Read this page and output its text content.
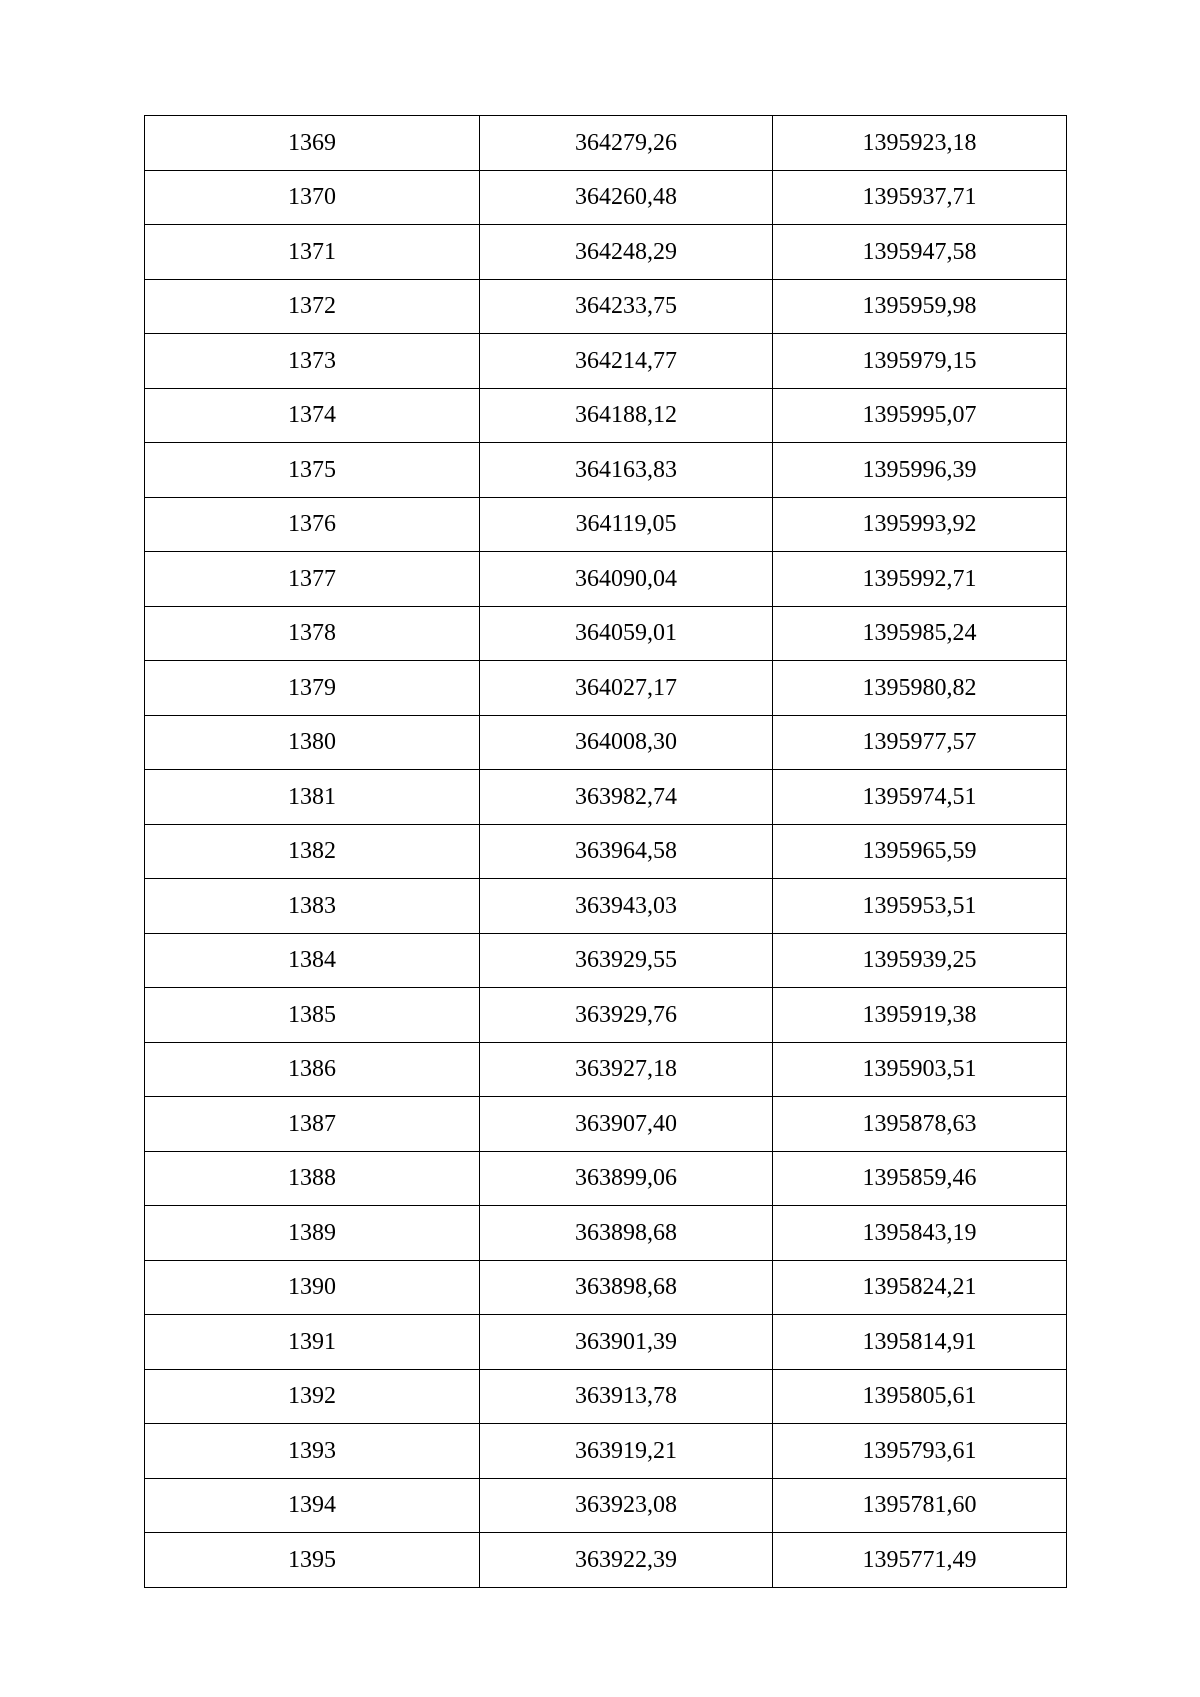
1369	364279,26	1395923,18
1370	364260,48	1395937,71
1371	364248,29	1395947,58
1372	364233,75	1395959,98
1373	364214,77	1395979,15
1374	364188,12	1395995,07
1375	364163,83	1395996,39
1376	364119,05	1395993,92
1377	364090,04	1395992,71
1378	364059,01	1395985,24
1379	364027,17	1395980,82
1380	364008,30	1395977,57
1381	363982,74	1395974,51
1382	363964,58	1395965,59
1383	363943,03	1395953,51
1384	363929,55	1395939,25
1385	363929,76	1395919,38
1386	363927,18	1395903,51
1387	363907,40	1395878,63
1388	363899,06	1395859,46
1389	363898,68	1395843,19
1390	363898,68	1395824,21
1391	363901,39	1395814,91
1392	363913,78	1395805,61
1393	363919,21	1395793,61
1394	363923,08	1395781,60
1395	363922,39	1395771,49
